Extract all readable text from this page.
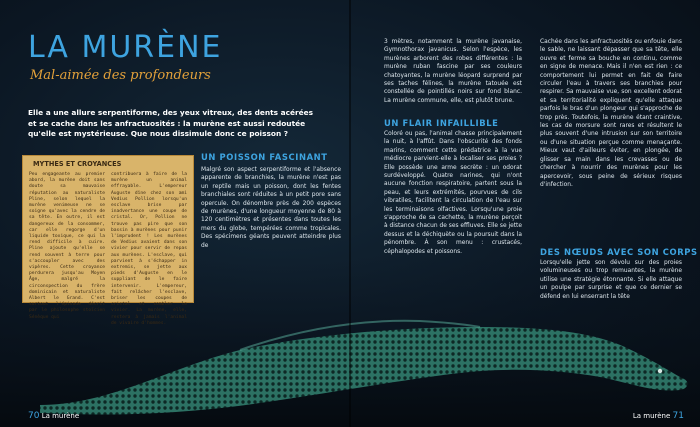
LA MURÈNE
Mal-aimée des profondeurs

Elle a une allure serpentiforme, des yeux vitreux, des dents acérées et se cache dans les anfractuosités : la murène est aussi redoutée qu'elle est mystérieuse. Que nous dissimule donc ce poisson ?

MYTHES ET CROYANCES

Peu engageante au premier abord, la murène doit sans doute sa mauvaise réputation au naturaliste Pline, selon lequel la murène venimeuse ne se soigne qu'avec la cendre de sa tête. En outre, il est dangereux de la consommer, car elle regorge d'un liquide toxique, ce qui la rend difficile à cuire. Pline ajoute qu'elle se rend souvent à terre pour s'accoupler avec des vipères. Cette croyance perdurera jusqu'au Moyen Âge, malgré la circonspection du frère dominicain et naturaliste Albert le Grand. C'est surtout l'épisode décrit par le philosophe stoïcien Sénèque qui

contribuera à faire de la murène un animal effrayable. L'empereur Auguste dîne chez son ami Vedius Pollion lorsqu'un esclave brise par inadvertance une coupe de cristal. Or, Pollion ne trouve pas pire que son bassin à murènes pour punir l'imprudent ! Les murènes de Vedius avaient dans son vivier pour servir de repas aux murènes. L'esclave, qui parvient à s'échapper in extremis, se jette aux pieds d'Auguste en le suppliant de le faire intervenir. L'empereur, fait relâcher l'esclave, briser les coupes de cristal et combler le vivier. La murène, elle, restera à jamais l'animal de vivaire d'hommes.

UN POISSON FASCINANT

Malgré son aspect serpentiforme et l'absence apparente de branchies, la murène n'est pas un reptile mais un poisson, dont les fentes branchiales sont réduites à un petit pore sans opercule. On dénombre près de 200 espèces de murènes, d'une longueur moyenne de 80 à 120 centimètres et présentes dans toutes les mers du globe, tempérées comme tropicales. Des spécimens géants peuvent atteindre plus de

3 mètres, notamment la murène javanaise, Gymnothorax javanicus. Selon l'espèce, les murènes arborent des robes différentes : la murène ruban fascine par ses couleurs chatoyantes, la murène léopard surprend par ses taches félines, la murène tatouée est constellée de pointillés noirs sur fond blanc. La murène commune, elle, est plutôt brune.

UN FLAIR INFAILLIBLE

Coloré ou pas, l'animal chasse principalement la nuit, à l'affût. Dans l'obscurité des fonds marins, comment cette prédatrice à la vue médiocre parvient-elle à localiser ses proies ? Elle possède une arme secrète : un odorat surdéveloppé. Quatre narines, qui n'ont aucune fonction respiratoire, partent sous la peau, et leurs extrémités, pourvues de cils vibratiles, facilitent la circulation de l'eau sur les terminaisons olfactives. Lorsqu'une proie s'approche de sa cachette, la murène perçoit à distance chacun de ses effluves. Elle se jette dessus et la déchiquète ou la poursuit dans la pénombre. À son menu : crustacés, céphalopodes et poissons.

Cachée dans les anfractuosités ou enfouie dans le sable, ne laissant dépasser que sa tête, elle ouvre et ferme sa bouche en continu, comme en signe de menace. Mais il n'en est rien : ce comportement lui permet en fait de faire circuler l'eau à travers ses branchies pour respirer. Sa mauvaise vue, son excellent odorat et sa territorialité expliquent qu'elle attaque parfois le bras d'un plongeur qui s'approche de trop près. Toutefois, la murène étant craintive, les cas de morsure sont rares et résultent le plus souvent d'une intrusion sur son territoire ou d'une situation perçue comme menaçante. Mieux vaut d'ailleurs éviter, en plongée, de glisser sa main dans les crevasses ou de chercher à nourrir des murènes pour les apercevoir, sous peine de sérieux risques d'infection.

DES NŒUDS AVEC SON CORPS

Lorsqu'elle jette son dévolu sur des proies volumineuses ou trop remuantes, la murène utilise une stratégie étonnante. Si elle attaque un poulpe par surprise et que ce dernier se défend en lui enserrant la tête

70 La murène	La murène 71
